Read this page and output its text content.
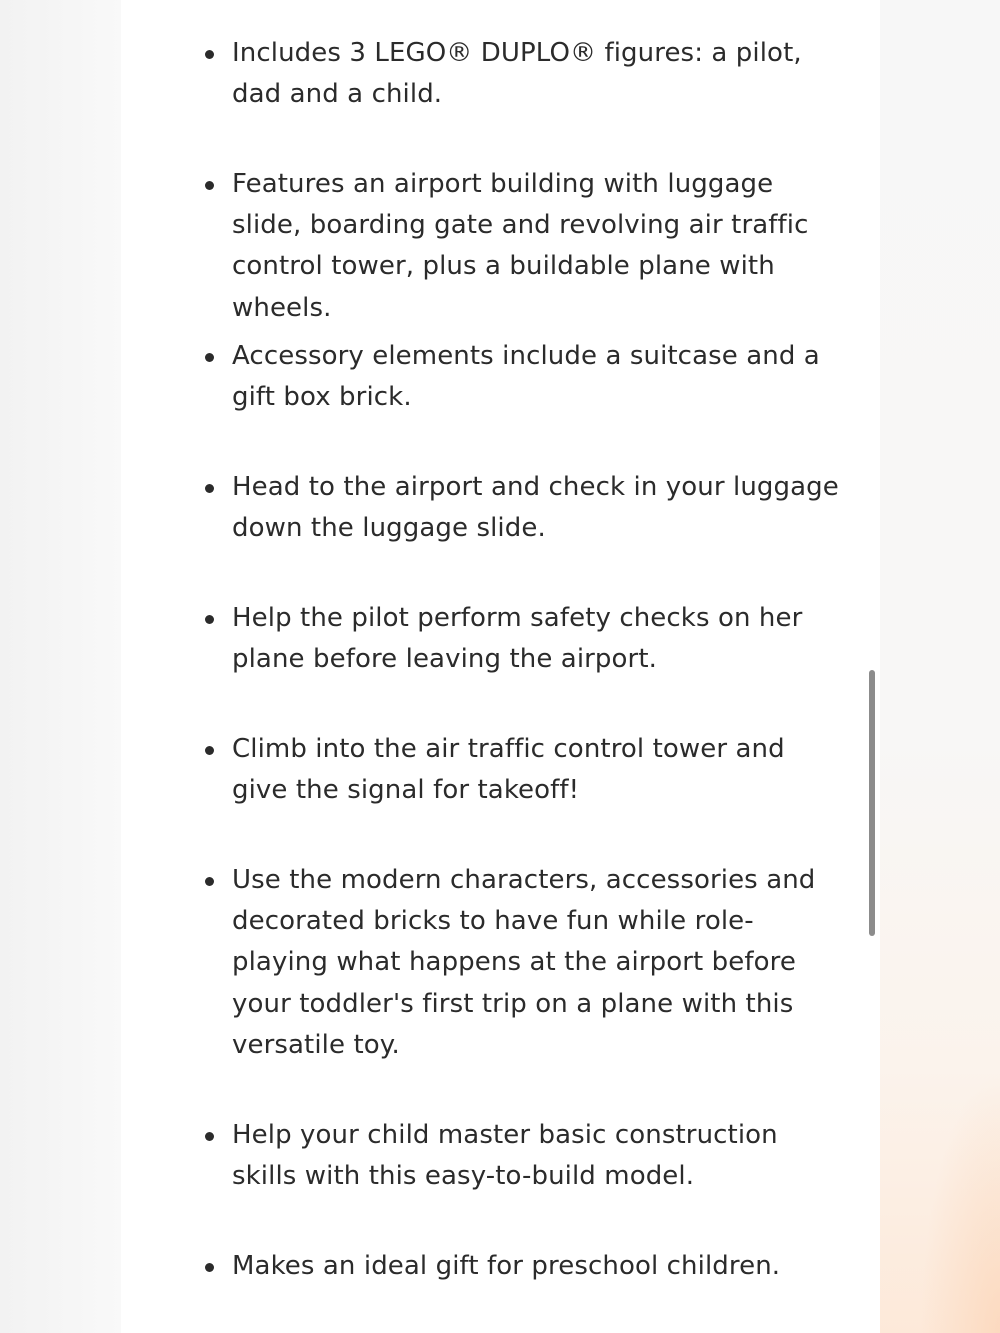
Includes 3 LEGO® DUPLO® figures: a pilot, dad and a child.

Features an airport building with luggage slide, boarding gate and revolving air traffic control tower, plus a buildable plane with wheels.

Accessory elements include a suitcase and a gift box brick.

Head to the airport and check in your luggage down the luggage slide.

Help the pilot perform safety checks on her plane before leaving the airport.

Climb into the air traffic control tower and give the signal for takeoff!

Use the modern characters, accessories and decorated bricks to have fun while role-playing what happens at the airport before your toddler's first trip on a plane with this versatile toy.

Help your child master basic construction skills with this easy-to-build model.

Makes an ideal gift for preschool children.
